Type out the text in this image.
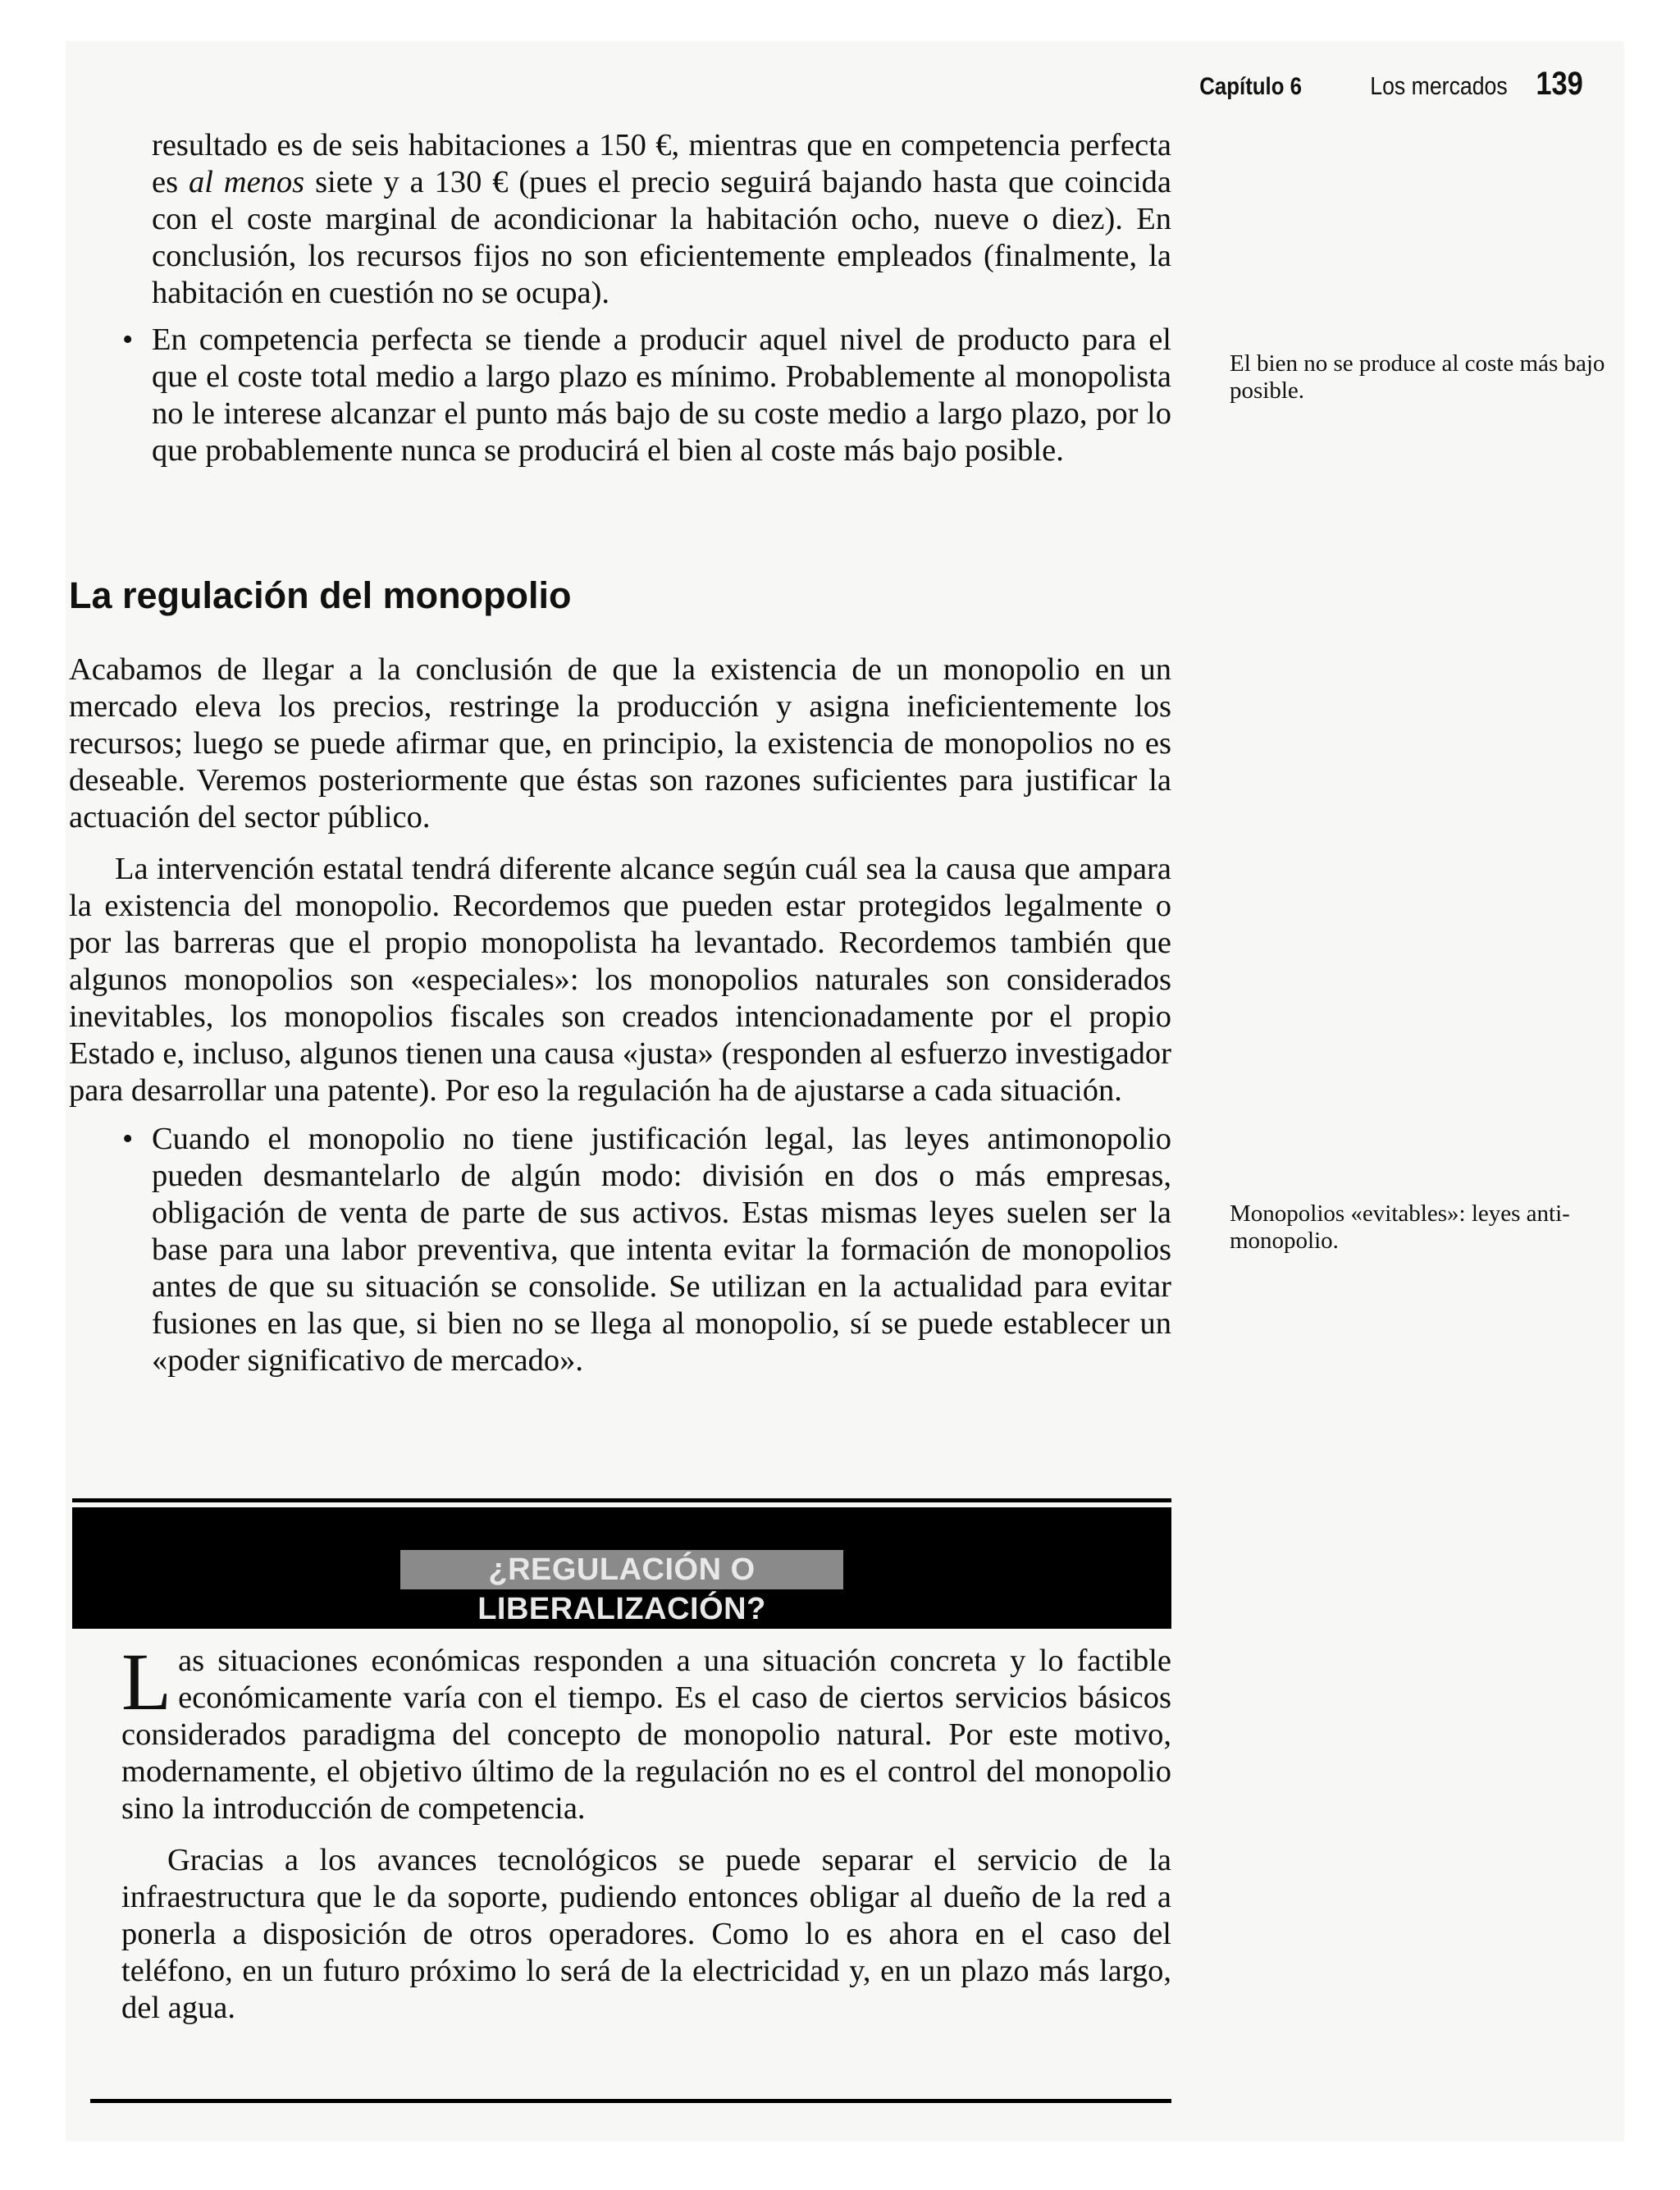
Capítulo 6	Los mercados 139

resultado es de seis habitaciones a 150 €, mientras que en competencia perfecta es al menos siete y a 130 € (pues el precio seguirá bajando hasta que coincida con el coste marginal de acondicionar la habitación ocho, nueve o diez). En conclusión, los recursos fijos no son eficientemente empleados (finalmente, la habitación en cuestión no se ocupa).

• En competencia perfecta se tiende a producir aquel nivel de producto para el que el coste total medio a largo plazo es mínimo. Probablemente al monopolista no le interese alcanzar el punto más bajo de su coste medio a largo plazo, por lo que probablemente nunca se producirá el bien al coste más bajo posible.

El bien no se produce al coste más bajo posible.
La regulación del monopolio

Acabamos de llegar a la conclusión de que la existencia de un monopolio en un mercado eleva los precios, restringe la producción y asigna ineficientemente los recursos; luego se puede afirmar que, en principio, la existencia de monopolios no es deseable. Veremos posteriormente que éstas son razones suficientes para justificar la actuación del sector público.

La intervención estatal tendrá diferente alcance según cuál sea la causa que ampara la existencia del monopolio. Recordemos que pueden estar protegidos legalmente o por las barreras que el propio monopolista ha levantado. Recordemos también que algunos monopolios son «especiales»: los monopolios naturales son considerados inevitables, los monopolios fiscales son creados intencionadamente por el propio Estado e, incluso, algunos tienen una causa «justa» (responden al esfuerzo investigador para desarrollar una patente). Por eso la regulación ha de ajustarse a cada situación.

• Cuando el monopolio no tiene justificación legal, las leyes antimonopolio pueden desmantelarlo de algún modo: división en dos o más empresas, obligación de venta de parte de sus activos. Estas mismas leyes suelen ser la base para una labor preventiva, que intenta evitar la formación de monopolios antes de que su situación se consolide. Se utilizan en la actualidad para evitar fusiones en las que, si bien no se llega al monopolio, sí se puede establecer un «poder significativo de mercado».

Monopolios «evitables»: leyes anti-monopolio.
¿REGULACIÓN O LIBERALIZACIÓN?

Las situaciones económicas responden a una situación concreta y lo factible económicamente varía con el tiempo. Es el caso de ciertos servicios básicos considerados paradigma del concepto de monopolio natural. Por este motivo, modernamente, el objetivo último de la regulación no es el control del monopolio sino la introducción de competencia.

Gracias a los avances tecnológicos se puede separar el servicio de la infraestructura que le da soporte, pudiendo entonces obligar al dueño de la red a ponerla a disposición de otros operadores. Como lo es ahora en el caso del teléfono, en un futuro próximo lo será de la electricidad y, en un plazo más largo, del agua.
